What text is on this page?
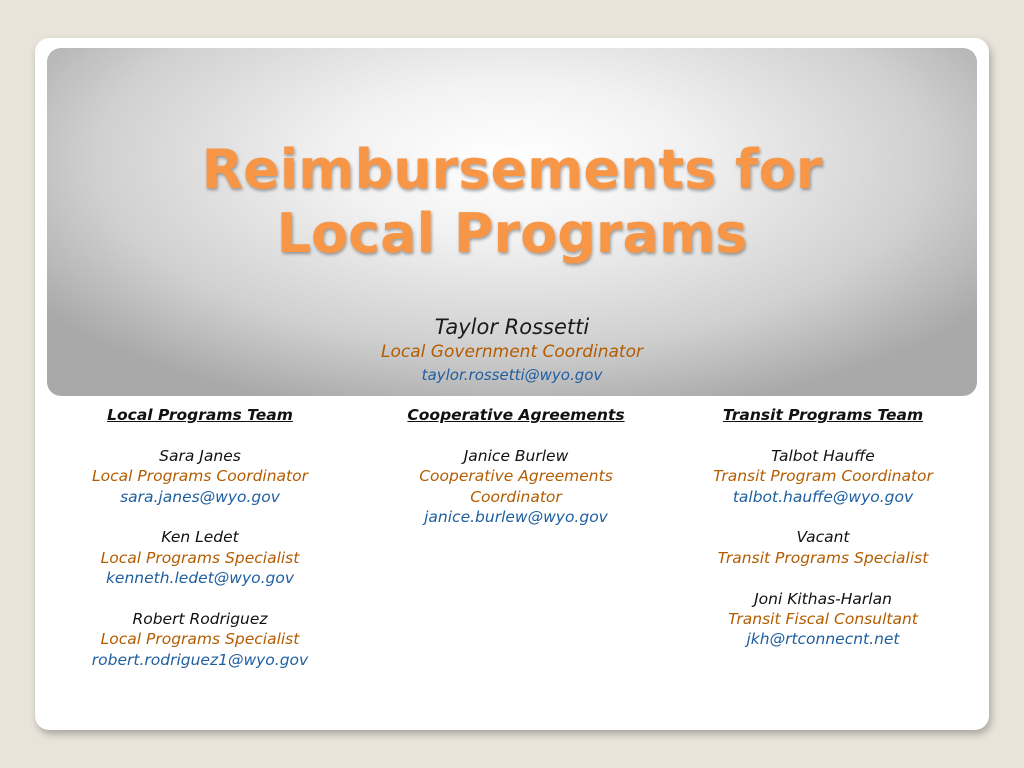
Reimbursements for
Local Programs
Taylor Rossetti
Local Government Coordinator
taylor.rossetti@wyo.gov
Local Programs Team
Sara Janes
Local Programs Coordinator
sara.janes@wyo.gov
Ken Ledet
Local Programs Specialist
kenneth.ledet@wyo.gov
Robert Rodriguez
Local Programs Specialist
robert.rodriguez1@wyo.gov
Cooperative Agreements
Janice Burlew
Cooperative Agreements
Coordinator
janice.burlew@wyo.gov
Transit Programs Team
Talbot Hauffe
Transit Program Coordinator
talbot.hauffe@wyo.gov
Vacant
Transit Programs Specialist
Joni Kithas-Harlan
Transit Fiscal Consultant
jkh@rtconnecnt.net
